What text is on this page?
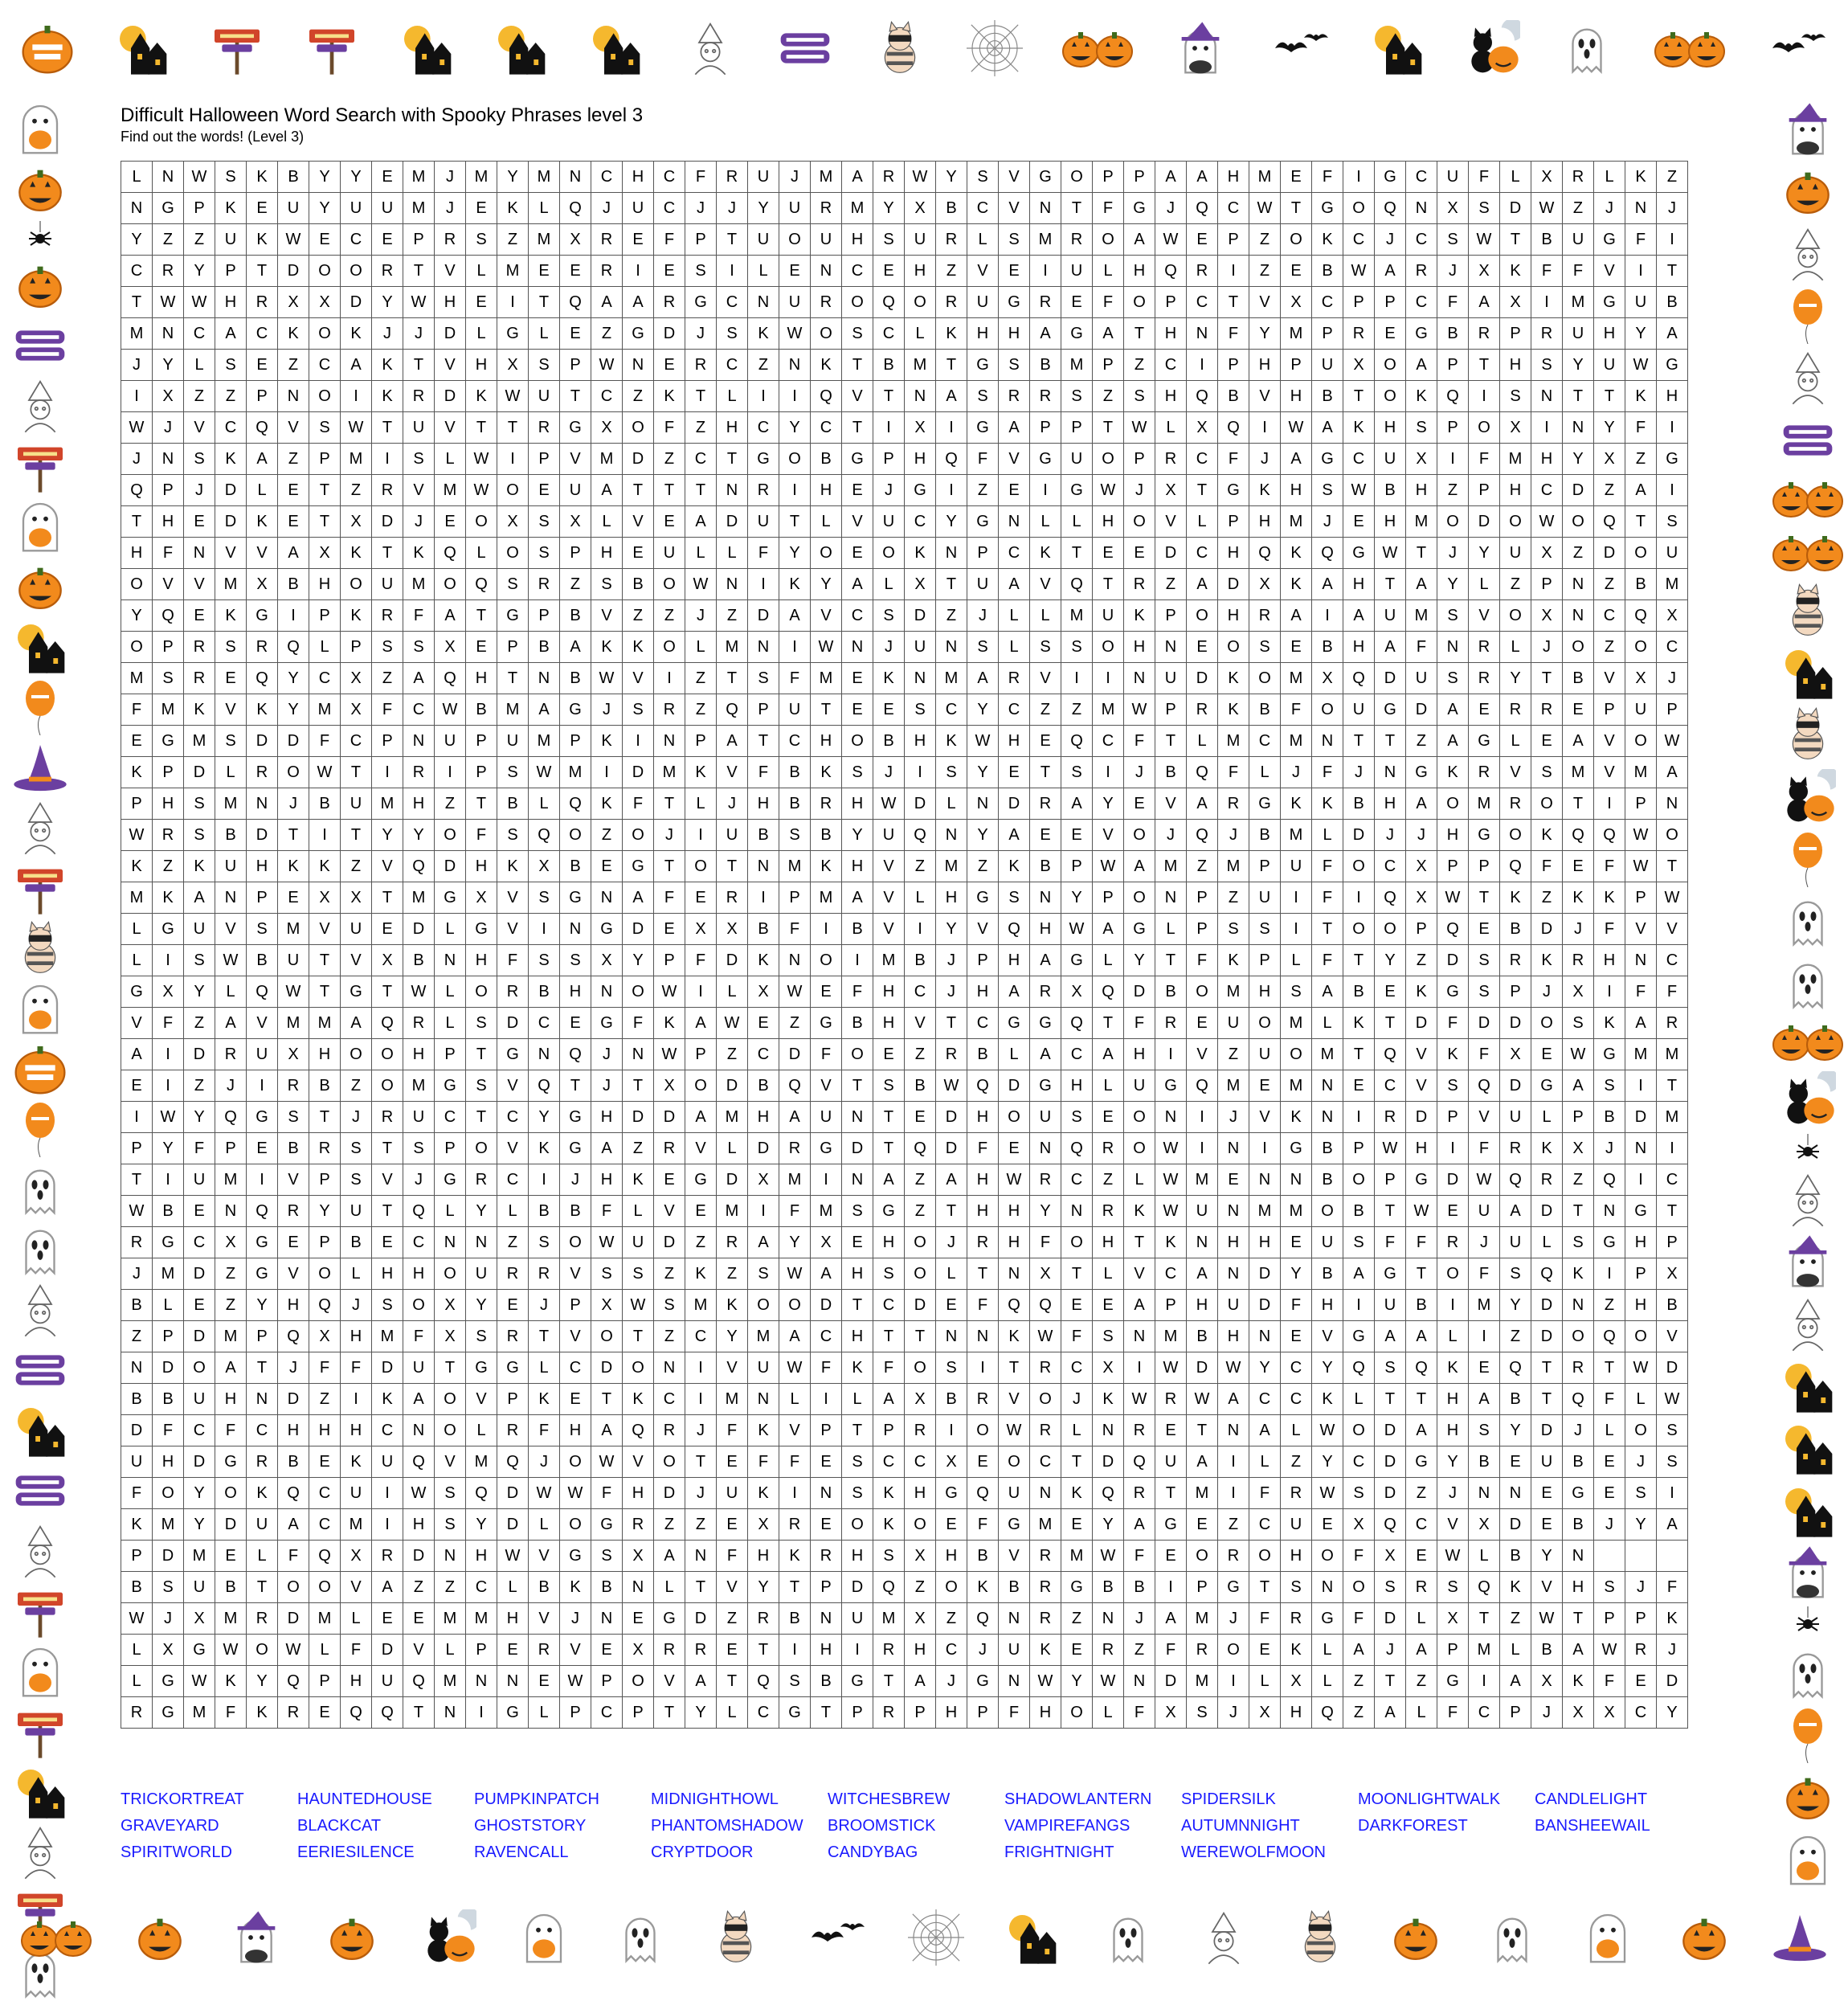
Difficult Halloween Word Search with Spooky Phrases level 3
Find out the words! (Level 3)
L	N	W	S	K	B	Y	Y	E	M	J	M	Y	M	N	C	H	C	F	R	U	J	M	A	R	W	Y	S	V	G	O	P	P	A	A	H	M	E	F	I	G	C	U	F	L	X	R	L	K	Z
N	G	P	K	E	U	Y	U	U	M	J	E	K	L	Q	J	U	C	J	J	Y	U	R	M	Y	X	B	C	V	N	T	F	G	J	Q	C	W	T	G	O	Q	N	X	S	D	W	Z	J	N	J
Y	Z	Z	U	K	W	E	C	E	P	R	S	Z	M	X	R	E	F	P	T	U	O	U	H	S	U	R	L	S	M	R	O	A	W	E	P	Z	O	K	C	J	C	S	W	T	B	U	G	F	I
C	R	Y	P	T	D	O	O	R	T	V	L	M	E	E	R	I	E	S	I	L	E	N	C	E	H	Z	V	E	I	U	L	H	Q	R	I	Z	E	B	W	A	R	J	X	K	F	F	V	I	T
T	W	W	H	R	X	X	D	Y	W	H	E	I	T	Q	A	A	R	G	C	N	U	R	O	Q	O	R	U	G	R	E	F	O	P	C	T	V	X	C	P	P	C	F	A	X	I	M	G	U	B
M	N	C	A	C	K	O	K	J	J	D	L	G	L	E	Z	G	D	J	S	K	W	O	S	C	L	K	H	H	A	G	A	T	H	N	F	Y	M	P	R	E	G	B	R	P	R	U	H	Y	A
J	Y	L	S	E	Z	C	A	K	T	V	H	X	S	P	W	N	E	R	C	Z	N	K	T	B	M	T	G	S	B	M	P	Z	C	I	P	H	P	U	X	O	A	P	T	H	S	Y	U	W	G
I	X	Z	Z	P	N	O	I	K	R	D	K	W	U	T	C	Z	K	T	L	I	I	Q	V	T	N	A	S	R	R	S	Z	S	H	Q	B	V	H	B	T	O	K	Q	I	S	N	T	T	K	H
W	J	V	C	Q	V	S	W	T	U	V	T	T	R	G	X	O	F	Z	H	C	Y	C	T	I	X	I	G	A	P	P	T	W	L	X	Q	I	W	A	K	H	S	P	O	X	I	N	Y	F	I
J	N	S	K	A	Z	P	M	I	S	L	W	I	P	V	M	D	Z	C	T	G	O	B	G	P	H	Q	F	V	G	U	O	P	R	C	F	J	A	G	C	U	X	I	F	M	H	Y	X	Z	G
Q	P	J	D	L	E	T	Z	R	V	M	W	O	E	U	A	T	T	T	N	R	I	H	E	J	G	I	Z	E	I	G	W	J	X	T	G	K	H	S	W	B	H	Z	P	H	C	D	Z	A	I
T	H	E	D	K	E	T	X	D	J	E	O	X	S	X	L	V	E	A	D	U	T	L	V	U	C	Y	G	N	L	L	H	O	V	L	P	H	M	J	E	H	M	O	D	O	W	O	Q	T	S
H	F	N	V	V	A	X	K	T	K	Q	L	O	S	P	H	E	U	L	L	F	Y	O	E	O	K	N	P	C	K	T	E	E	D	C	H	Q	K	Q	G	W	T	J	Y	U	X	Z	D	O	U
O	V	V	M	X	B	H	O	U	M	O	Q	S	R	Z	S	B	O	W	N	I	K	Y	A	L	X	T	U	A	V	Q	T	R	Z	A	D	X	K	A	H	T	A	Y	L	Z	P	N	Z	B	M
Y	Q	E	K	G	I	P	K	R	F	A	T	G	P	B	V	Z	Z	J	Z	D	A	V	C	S	D	Z	J	L	L	M	U	K	P	O	H	R	A	I	A	U	M	S	V	O	X	N	C	Q	X
O	P	R	S	R	Q	L	P	S	S	X	E	P	B	A	K	K	O	L	M	N	I	W	N	J	U	N	S	L	S	S	O	H	N	E	O	S	E	B	H	A	F	N	R	L	J	O	Z	O	C
M	S	R	E	Q	Y	C	X	Z	A	Q	H	T	N	B	W	V	I	Z	T	S	F	M	E	K	N	M	A	R	V	I	I	N	U	D	K	O	M	X	Q	D	U	S	R	Y	T	B	V	X	J
F	M	K	V	K	Y	M	X	F	C	W	B	M	A	G	J	S	R	Z	Q	P	U	T	E	E	S	C	Y	C	Z	Z	M	W	P	R	K	B	F	O	U	G	D	A	E	R	R	E	P	U	P
E	G	M	S	D	D	F	C	P	N	U	P	U	M	P	K	I	N	P	A	T	C	H	O	B	H	K	W	H	E	Q	C	F	T	L	M	C	M	N	T	T	Z	A	G	L	E	A	V	O	W
K	P	D	L	R	O	W	T	I	R	I	P	S	W	M	I	D	M	K	V	F	B	K	S	J	I	S	Y	E	T	S	I	J	B	Q	F	L	J	F	J	N	G	K	R	V	S	M	V	M	A
P	H	S	M	N	J	B	U	M	H	Z	T	B	L	Q	K	F	T	L	J	H	B	R	H	W	D	L	N	D	R	A	Y	E	V	A	R	G	K	K	B	H	A	O	M	R	O	T	I	P	N
W	R	S	B	D	T	I	T	Y	Y	O	F	S	Q	O	Z	O	J	I	U	B	S	B	Y	U	Q	N	Y	A	E	E	V	O	J	Q	J	B	M	L	D	J	J	H	G	O	K	Q	Q	W	O
K	Z	K	U	H	K	K	Z	V	Q	D	H	K	X	B	E	G	T	O	T	N	M	K	H	V	Z	M	Z	K	B	P	W	A	M	Z	M	P	U	F	O	C	X	P	P	Q	F	E	F	W	T
M	K	A	N	P	E	X	X	T	M	G	X	V	S	G	N	A	F	E	R	I	P	M	A	V	L	H	G	S	N	Y	P	O	N	P	Z	U	I	F	I	Q	X	W	T	K	Z	K	K	P	W
L	G	U	V	S	M	V	U	E	D	L	G	V	I	N	G	D	E	X	X	B	F	I	B	V	I	Y	V	Q	H	W	A	G	L	P	S	S	I	T	O	O	P	Q	E	B	D	J	F	V	V
L	I	S	W	B	U	T	V	X	B	N	H	F	S	S	X	Y	P	F	D	K	N	O	I	M	B	J	P	H	A	G	L	Y	T	F	K	P	L	F	T	Y	Z	D	S	R	K	R	H	N	C
G	X	Y	L	Q	W	T	G	T	W	L	O	R	B	H	N	O	W	I	L	X	W	E	F	H	C	J	H	A	R	X	Q	D	B	O	M	H	S	A	B	E	K	G	S	P	J	X	I	F	F
V	F	Z	A	V	M	M	A	Q	R	L	S	D	C	E	G	F	K	A	W	E	Z	G	B	H	V	T	C	G	G	Q	T	F	R	E	U	O	M	L	K	T	D	F	D	D	O	S	K	A	R
A	I	D	R	U	X	H	O	O	H	P	T	G	N	Q	J	N	W	P	Z	C	D	F	O	E	Z	R	B	L	A	C	A	H	I	V	Z	U	O	M	T	Q	V	K	F	X	E	W	G	M	M
E	I	Z	J	I	R	B	Z	O	M	G	S	V	Q	T	J	T	X	O	D	B	Q	V	T	S	B	W	Q	D	G	H	L	U	G	Q	M	E	M	N	E	C	V	S	Q	D	G	A	S	I	T
I	W	Y	Q	G	S	T	J	R	U	C	T	C	Y	G	H	D	D	A	M	H	A	U	N	T	E	D	H	O	U	S	E	O	N	I	J	V	K	N	I	R	D	P	V	U	L	P	B	D	M
P	Y	F	P	E	B	R	S	T	S	P	O	V	K	G	A	Z	R	V	L	D	R	G	D	T	Q	D	F	E	N	Q	R	O	W	I	N	I	G	B	P	W	H	I	F	R	K	X	J	N	I
T	I	U	M	I	V	P	S	V	J	G	R	C	I	J	H	K	E	G	D	X	M	I	N	A	Z	A	H	W	R	C	Z	L	W	M	E	N	N	B	O	P	G	D	W	Q	R	Z	Q	I	C
W	B	E	N	Q	R	Y	U	T	Q	L	Y	L	B	B	F	L	V	E	M	I	F	M	S	G	Z	T	H	H	Y	N	R	K	W	U	N	M	M	O	B	T	W	E	U	A	D	T	N	G	T
R	G	C	X	G	E	P	B	E	C	N	N	Z	S	O	W	U	D	Z	R	A	Y	X	E	H	O	J	R	H	F	O	H	T	K	N	H	H	E	U	S	F	F	R	J	U	L	S	G	H	P
J	M	D	Z	G	V	O	L	H	H	O	U	R	R	V	S	S	Z	K	Z	S	W	A	H	S	O	L	T	N	X	T	L	V	C	A	N	D	Y	B	A	G	T	O	F	S	Q	K	I	P	X
B	L	E	Z	Y	H	Q	J	S	O	X	Y	E	J	P	X	W	S	M	K	O	O	D	T	C	D	E	F	Q	Q	E	E	A	P	H	U	D	F	H	I	U	B	I	M	Y	D	N	Z	H	B
Z	P	D	M	P	Q	X	H	M	F	X	S	R	T	V	O	T	Z	C	Y	M	A	C	H	T	T	N	N	K	W	F	S	N	M	B	H	N	E	V	G	A	A	L	I	Z	D	O	Q	O	V
N	D	O	A	T	J	F	F	D	U	T	G	G	L	C	D	O	N	I	V	U	W	F	K	F	O	S	I	T	R	C	X	I	W	D	W	Y	C	Y	Q	S	Q	K	E	Q	T	R	T	W	D
B	B	U	H	N	D	Z	I	K	A	O	V	P	K	E	T	K	C	I	M	N	L	I	L	A	X	B	R	V	O	J	K	W	R	W	A	C	C	K	L	T	T	H	A	B	T	Q	F	L	W
D	F	C	F	C	H	H	H	C	N	O	L	R	F	H	A	Q	R	J	F	K	V	P	T	P	R	I	O	W	R	L	N	R	E	T	N	A	L	W	O	D	A	H	S	Y	D	J	L	O	S
U	H	D	G	R	B	E	K	U	Q	V	M	Q	J	O	W	V	O	T	E	F	F	E	S	C	C	X	E	O	C	T	D	Q	U	A	I	L	Z	Y	C	D	G	Y	B	E	U	B	E	J	S
F	O	Y	O	K	Q	C	U	I	W	S	Q	D	W	W	F	H	D	J	U	K	I	N	S	K	H	G	Q	U	N	K	Q	R	T	M	I	F	R	W	S	D	Z	J	N	N	E	G	E	S	I
K	M	Y	D	U	A	C	M	I	H	S	Y	D	L	O	G	R	Z	Z	E	X	R	E	O	K	O	E	F	G	M	E	Y	A	G	E	Z	C	U	E	X	Q	C	V	X	D	E	B	J	Y	A
P	D	M	E	L	F	Q	X	R	D	N	H	W	V	G	S	X	A	N	F	H	K	R	H	S	X	H	B	V	R	M	W	F	E	O	R	O	H	O	F	X	E	W	L	B	Y	N			
B	S	U	B	T	O	O	V	A	Z	Z	C	L	B	K	B	N	L	T	V	Y	T	P	D	Q	Z	O	K	B	R	G	B	B	I	P	G	T	S	N	O	S	R	S	Q	K	V	H	S	J	F
W	J	X	M	R	D	M	L	E	E	M	M	H	V	J	N	E	G	D	Z	R	B	N	U	M	X	Z	Q	N	R	Z	N	J	A	M	J	F	R	G	F	D	L	X	T	Z	W	T	P	P	K
L	X	G	W	O	W	L	F	D	V	L	P	E	R	V	E	X	R	R	E	T	I	H	I	R	H	C	J	U	K	E	R	Z	F	R	O	E	K	L	A	J	A	P	M	L	B	A	W	R	J
L	G	W	K	Y	Q	P	H	U	Q	M	N	N	E	W	P	O	V	A	T	Q	S	B	G	T	A	J	G	N	W	Y	W	N	D	M	I	L	X	L	Z	T	Z	G	I	A	X	K	F	E	D
R	G	M	F	K	R	E	Q	Q	T	N	I	G	L	P	C	P	T	Y	L	C	G	T	P	R	P	H	P	F	H	O	L	F	X	S	J	X	H	Q	Z	A	L	F	C	P	J	X	X	C	Y
TRICKORTREAT	HAUNTEDHOUSE	PUMPKINPATCH	MIDNIGHTHOWL	WITCHESBREW	SHADOWLANTERN	SPIDERSILK	MOONLIGHTWALK	CANDLELIGHT
GRAVEYARD	BLACKCAT	GHOSTSTORY	PHANTOMSHADOW	BROOMSTICK	VAMPIREFANGS	AUTUMNNIGHT	DARKFOREST	BANSHEEWAIL
SPIRITWORLD	EERIESILENCE	RAVENCALL	CRYPTDOOR	CANDYBAG	FRIGHTNIGHT	WEREWOLFMOON
